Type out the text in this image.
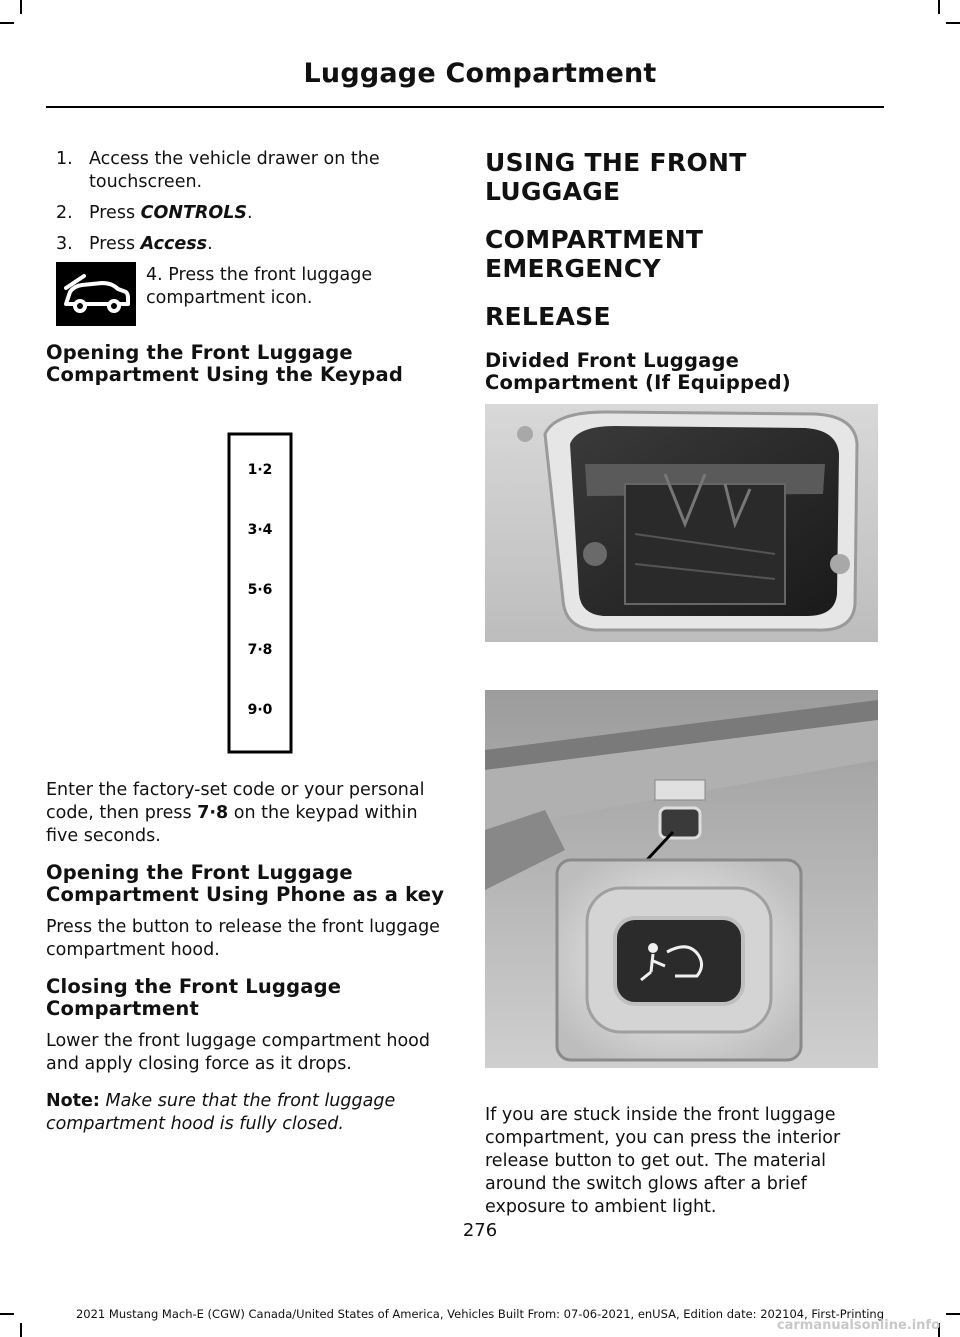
Luggage Compartment
1. Access the vehicle drawer on the touchscreen.
2. Press CONTROLS.
3. Press Access.
4. Press the front luggage compartment icon.
Opening the Front Luggage Compartment Using the Keypad
1·2
3·4
5·6
7·8
9·0

Enter the factory-set code or your personal code, then press 7·8 on the keypad within five seconds.

Opening the Front Luggage Compartment Using Phone as a key

Press the button to release the front luggage compartment hood.

Closing the Front Luggage Compartment

Lower the front luggage compartment hood and apply closing force as it drops.

Note: Make sure that the front luggage compartment hood is fully closed.

USING THE FRONT LUGGAGE
COMPARTMENT EMERGENCY
RELEASE
Divided Front Luggage Compartment (If Equipped)

If you are stuck inside the front luggage compartment, you can press the interior release button to get out. The material around the switch glows after a brief exposure to ambient light.

276
2021 Mustang Mach-E (CGW) Canada/United States of America, Vehicles Built From: 07-06-2021, enUSA, Edition date: 202104, First-Printing
carmanualsonline.info
